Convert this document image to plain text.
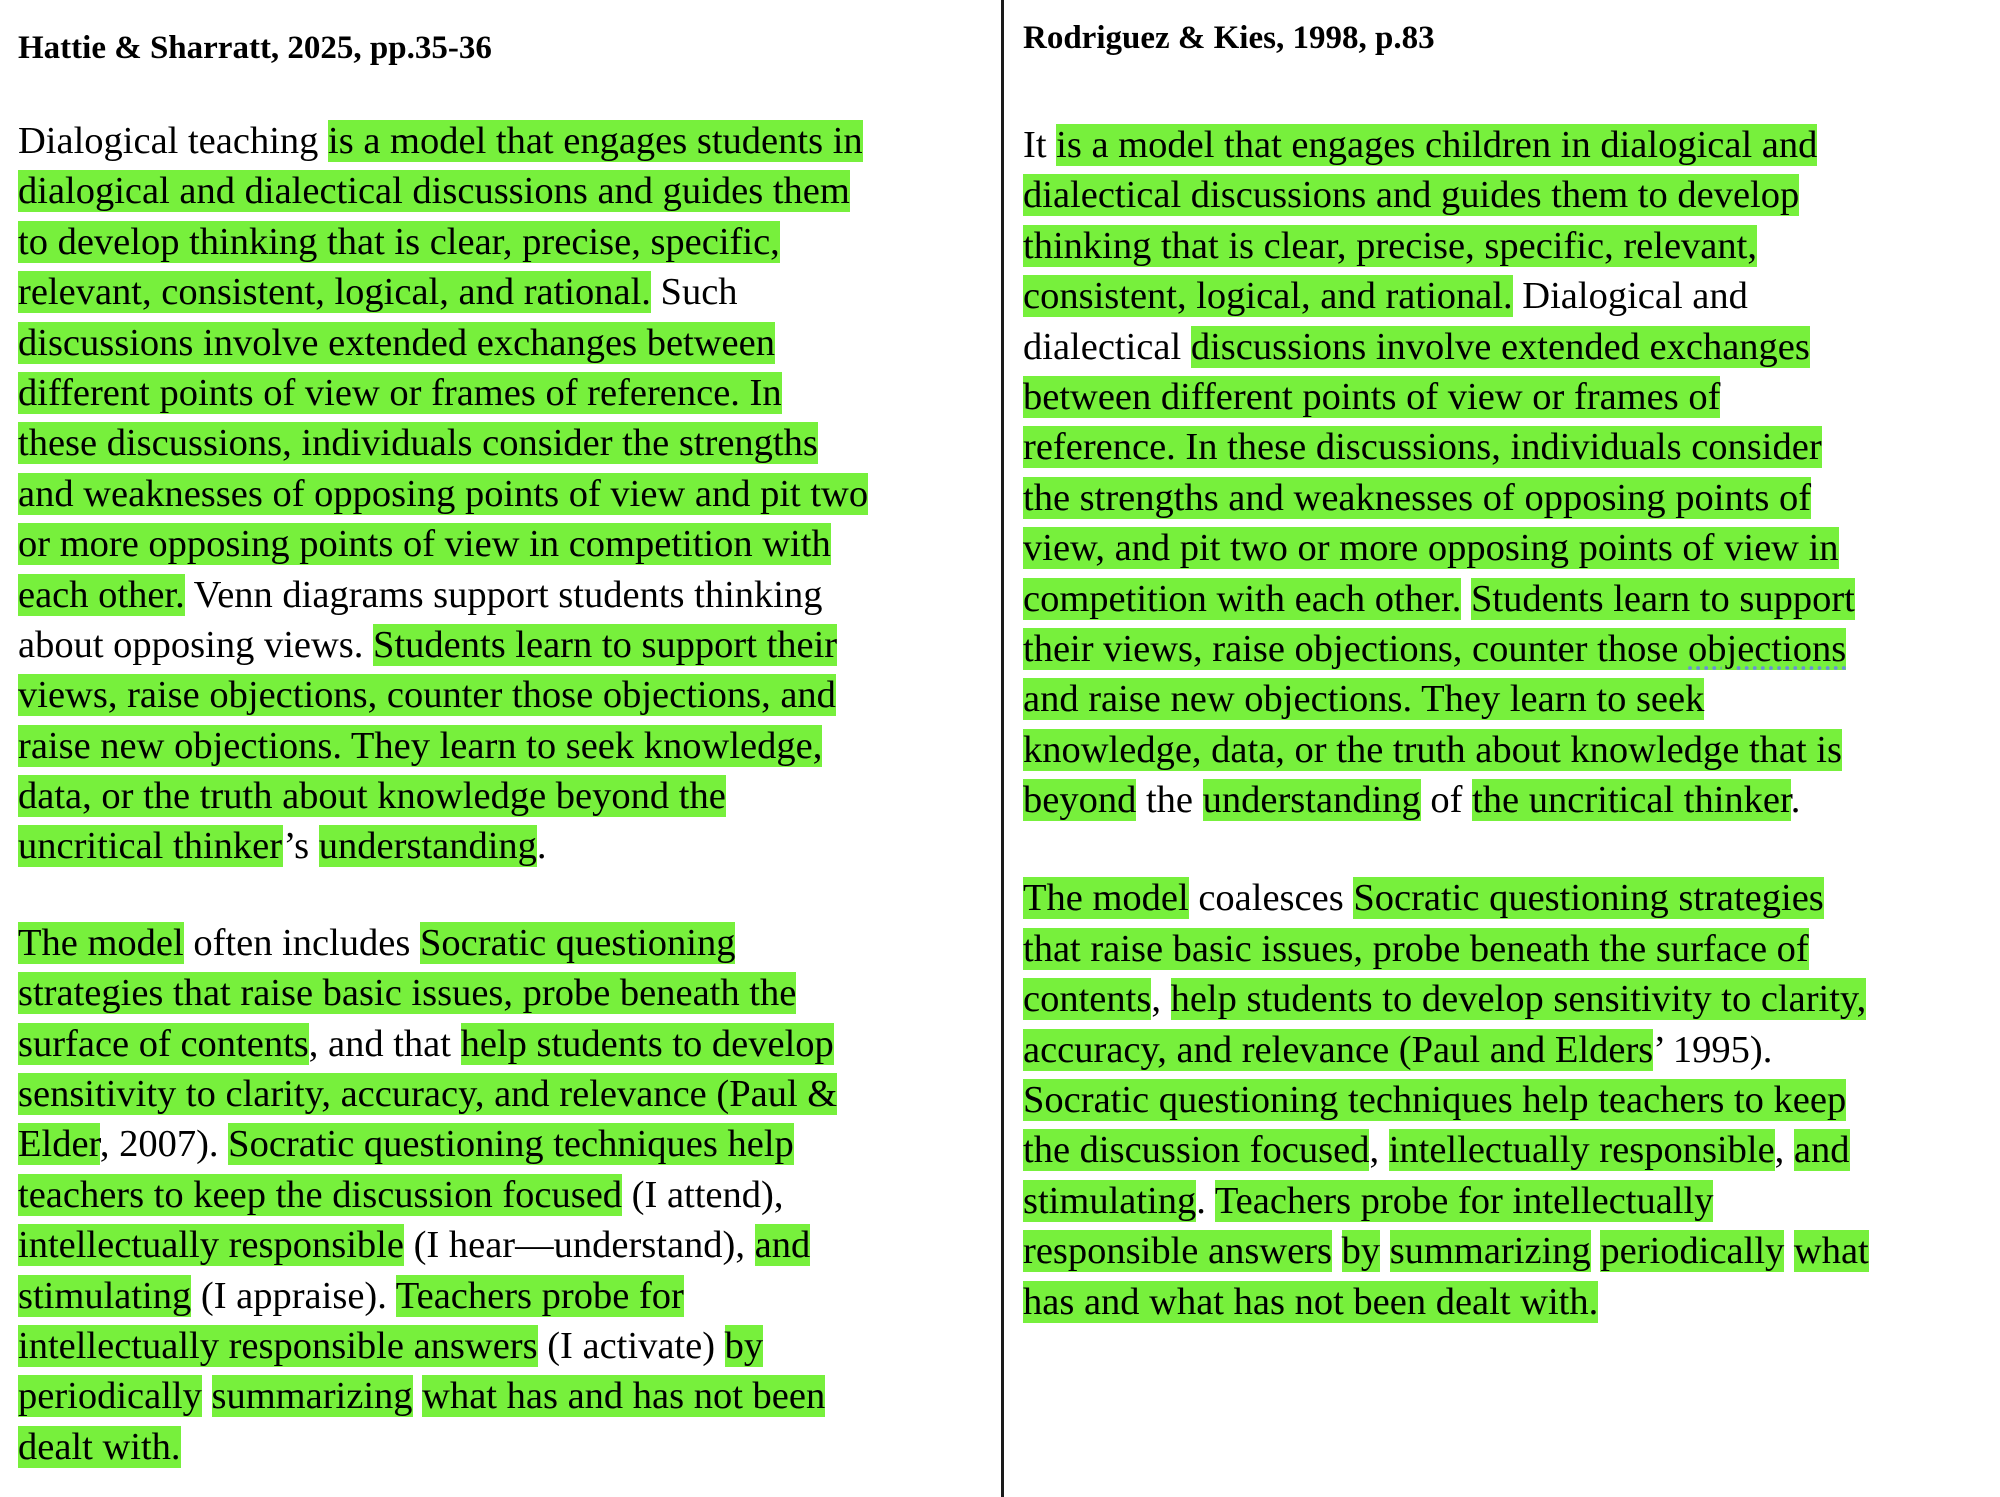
Hattie & Sharratt, 2025, pp.35-36

Dialogical teaching is a model that engages students in
dialogical and dialectical discussions and guides them
to develop thinking that is clear, precise, specific,
relevant, consistent, logical, and rational. Such
discussions involve extended exchanges between
different points of view or frames of reference. In
these discussions, individuals consider the strengths
and weaknesses of opposing points of view and pit two
or more opposing points of view in competition with
each other. Venn diagrams support students thinking
about opposing views. Students learn to support their
views, raise objections, counter those objections, and
raise new objections. They learn to seek knowledge,
data, or the truth about knowledge beyond the
uncritical thinker’s understanding.
The model often includes Socratic questioning
strategies that raise basic issues, probe beneath the
surface of contents, and that help students to develop
sensitivity to clarity, accuracy, and relevance (Paul &
Elder, 2007). Socratic questioning techniques help
teachers to keep the discussion focused (I attend),
intellectually responsible (I hear—understand), and
stimulating (I appraise). Teachers probe for
intellectually responsible answers (I activate) by
periodically summarizing what has and has not been
dealt with.

Rodriguez & Kies, 1998, p.83

It is a model that engages children in dialogical and
dialectical discussions and guides them to develop
thinking that is clear, precise, specific, relevant,
consistent, logical, and rational. Dialogical and
dialectical discussions involve extended exchanges
between different points of view or frames of
reference. In these discussions, individuals consider
the strengths and weaknesses of opposing points of
view, and pit two or more opposing points of view in
competition with each other. Students learn to support
their views, raise objections, counter those objections
and raise new objections. They learn to seek
knowledge, data, or the truth about knowledge that is
beyond the understanding of the uncritical thinker.
The model coalesces Socratic questioning strategies
that raise basic issues, probe beneath the surface of
contents, help students to develop sensitivity to clarity,
accuracy, and relevance (Paul and Elders’ 1995).
Socratic questioning techniques help teachers to keep
the discussion focused, intellectually responsible, and
stimulating. Teachers probe for intellectually
responsible answers by summarizing periodically what
has and what has not been dealt with.
